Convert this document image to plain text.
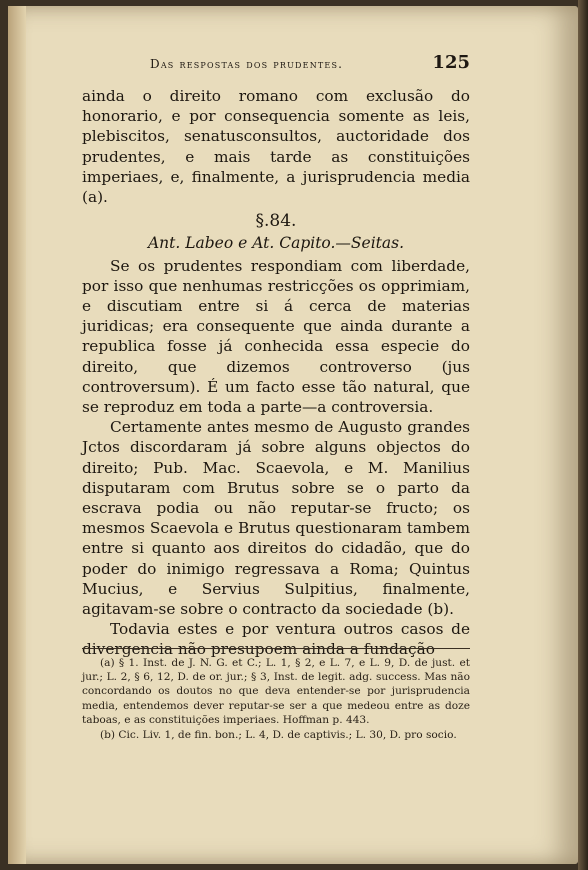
Das respostas dos prudentes.	125

ainda o direito romano com exclusão do honorario, e por consequencia somente as leis, plebiscitos, senatusconsultos, auctoridade dos prudentes, e mais tarde as constituições imperiaes, e, finalmente, a jurisprudencia media (a).

§.84.
Ant. Labeo e At. Capito.—Seitas.

Se os prudentes respondiam com liberdade, por isso que nenhumas restricções os opprimiam, e discutiam entre si á cerca de materias juridicas; era consequente que ainda durante a republica fosse já conhecida essa especie do direito, que dizemos controverso (jus controversum). É um facto esse tão natural, que se reproduz em toda a parte—a controversia.

Certamente antes mesmo de Augusto grandes Jctos discordaram já sobre alguns objectos do direito; Pub. Mac. Scaevola, e M. Manilius disputaram com Brutus sobre se o parto da escrava podia ou não reputar-se fructo; os mesmos Scaevola e Brutus questionaram tambem entre si quanto aos direitos do cidadão, que do poder do inimigo regressava a Roma; Quintus Mucius, e Servius Sulpitius, finalmente, agitavam-se sobre o contracto da sociedade (b).

Todavia estes e por ventura outros casos de divergencia não presupoem ainda a fundação

(a) § 1. Inst. de J. N. G. et C.; L. 1, § 2, e L. 7, e L. 9, D. de just. et jur.; L. 2, § 6, 12, D. de or. jur.; § 3, Inst. de legit. adg. success. Mas não concordando os doutos no que deva entender-se por jurisprudencia media, entendemos dever reputar-se ser a que medeou entre as doze taboas, e as constituições imperiaes. Hoffman p. 443.

(b) Cic. Liv. 1, de fin. bon.; L. 4, D. de captivis.; L. 30, D. pro socio.
